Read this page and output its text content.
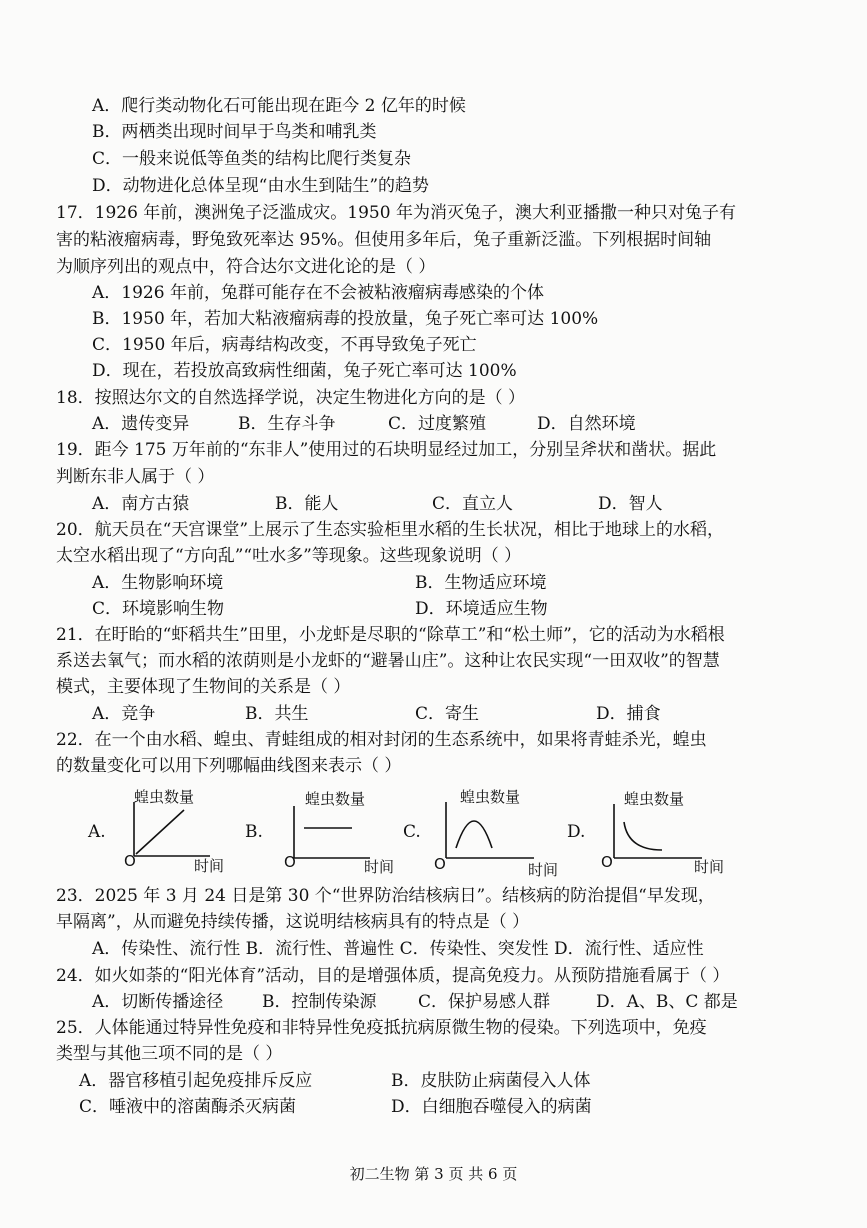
A．爬行类动物化石可能出现在距今 2 亿年的时候
B．两栖类出现时间早于鸟类和哺乳类
C．一般来说低等鱼类的结构比爬行类复杂
D．动物进化总体呈现“由水生到陆生”的趋势
17．1926 年前，澳洲兔子泛滥成灾。1950 年为消灭兔子，澳大利亚播撒一种只对兔子有
害的粘液瘤病毒，野兔致死率达 95%。但使用多年后，兔子重新泛滥。下列根据时间轴
为顺序列出的观点中，符合达尔文进化论的是（ ）
A．1926 年前，兔群可能存在不会被粘液瘤病毒感染的个体
B．1950 年，若加大粘液瘤病毒的投放量，兔子死亡率可达 100%
C．1950 年后，病毒结构改变，不再导致兔子死亡
D．现在，若投放高致病性细菌，兔子死亡率可达 100%
18．按照达尔文的自然选择学说，决定生物进化方向的是（ ）
A．遗传变异	B．生存斗争	C．过度繁殖	D．自然环境
19．距今 175 万年前的“东非人”使用过的石块明显经过加工，分别呈斧状和凿状。据此
判断东非人属于（ ）
A．南方古猿	B．能人	C．直立人	D．智人
20．航天员在“天宫课堂”上展示了生态实验柜里水稻的生长状况，相比于地球上的水稻，
太空水稻出现了“方向乱”“吐水多”等现象。这些现象说明（ ）
A．生物影响环境	B．生物适应环境
C．环境影响生物	D．环境适应生物
21．在盱眙的“虾稻共生”田里，小龙虾是尽职的“除草工”和“松土师”，它的活动为水稻根
系送去氧气；而水稻的浓荫则是小龙虾的“避暑山庄”。这种让农民实现“一田双收”的智慧
模式，主要体现了生物间的关系是（ ）
A．竞争	B．共生	C．寄生	D．捕食
22．在一个由水稻、蝗虫、青蛙组成的相对封闭的生态系统中，如果将青蛙杀光，蝗虫
的数量变化可以用下列哪幅曲线图来表示（ ）
A.
蝗虫数量
O	时间
B.
蝗虫数量
O	时间
C.
蝗虫数量
O	时间
D.
蝗虫数量
O	时间
23．2025 年 3 月 24 日是第 30 个“世界防治结核病日”。结核病的防治提倡“早发现，
早隔离”，从而避免持续传播，这说明结核病具有的特点是（ ）
A．传染性、流行性 B．流行性、普遍性 C．传染性、突发性 D．流行性、适应性
24．如火如荼的“阳光体育”活动，目的是增强体质，提高免疫力。从预防措施看属于（ ）
A．切断传播途径 B．控制传染源 C．保护易感人群	D．A、B、C 都是
25．人体能通过特异性免疫和非特异性免疫抵抗病原微生物的侵染。下列选项中，免疫
类型与其他三项不同的是（ ）
A．器官移植引起免疫排斥反应	B．皮肤防止病菌侵入人体
C．唾液中的溶菌酶杀灭病菌	D．白细胞吞噬侵入的病菌
初二生物 第 3 页 共 6 页
